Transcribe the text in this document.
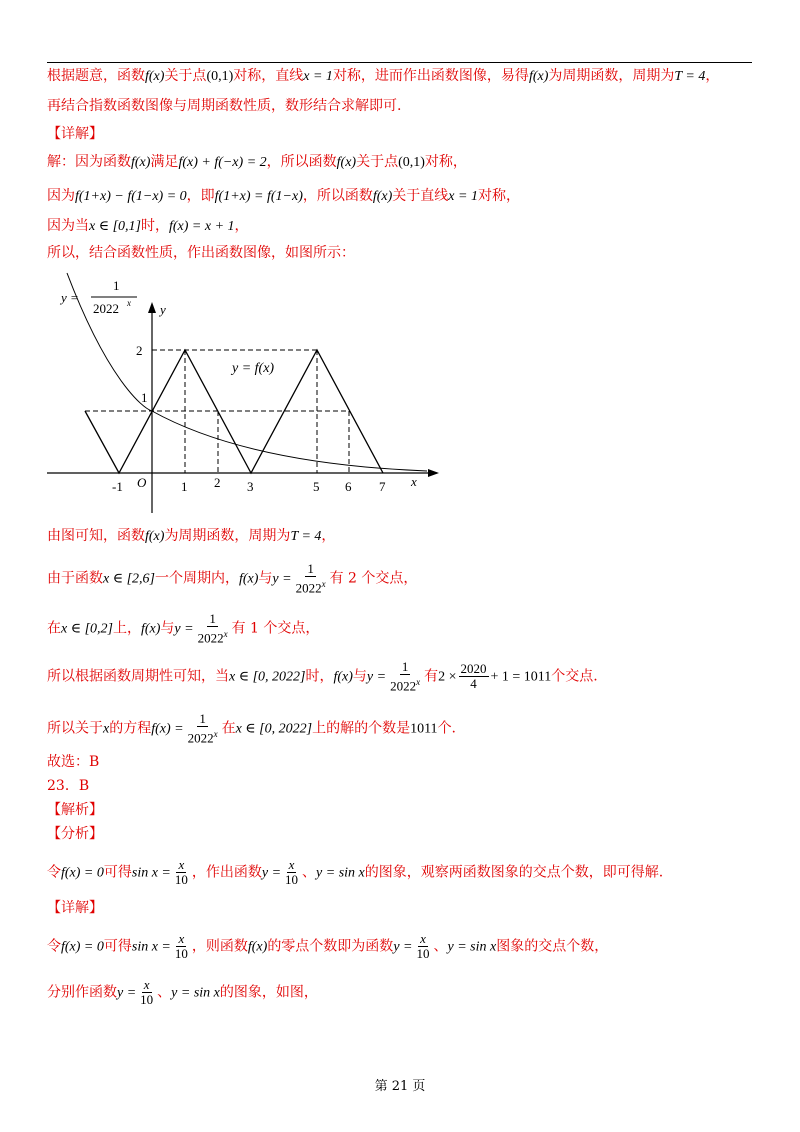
根据题意，函数f(x)关于点(0,1)对称，直线x = 1对称，进而作出函数图像，易得f(x)为周期函数，周期为T = 4，
再结合指数函数图像与周期函数性质，数形结合求解即可.
【详解】
解：因为函数f(x)满足f(x) + f(−x) = 2，所以函数f(x)关于点(0,1)对称，
因为f(1+x) − f(1−x) = 0，即f(1+x) = f(1−x)，所以函数f(x)关于直线x = 1对称，
因为当x ∈ [0,1]时，f(x) = x + 1，
所以，结合函数性质，作出函数图像，如图所示：
y
x
O
2
1
-1	1 2 3	5 6 7
y = f(x)
y =
1
2022 x
由图可知，函数f(x)为周期函数，周期为T = 4，
由于函数x ∈ [2,6]一个周期内，f(x)与$y = \frac{1}{2022^x}$ 有 2 个交点，
在x ∈ [0,2]上，f(x)与$y = \frac{1}{2022^x}$ 有 1 个交点，
所以根据函数周期性可知，当x ∈ [0, 2022]时，f(x)与$y = \frac{1}{2022^x}$ 有$2 \times \frac{2020}{4} + 1 = 1011$个交点.
所以关于x的方程$f(x) = \frac{1}{2022^x}$ 在x ∈ [0, 2022]上的解的个数是1011个.
故选：B
23．B
【解析】
【分析】
令f(x) = 0可得$\sin x = \frac{x}{10}$ ，作出函数$y = \frac{x}{10}$ 、y = sin x的图象，观察两函数图象的交点个数，即可得解.
【详解】
令f(x) = 0可得$\sin x = \frac{x}{10}$ ，则函数f(x)的零点个数即为函数$y = \frac{x}{10}$ 、y = sin x图象的交点个数，
分别作函数$y = \frac{x}{10}$ 、y = sin x的图象，如图，
第 21 页
